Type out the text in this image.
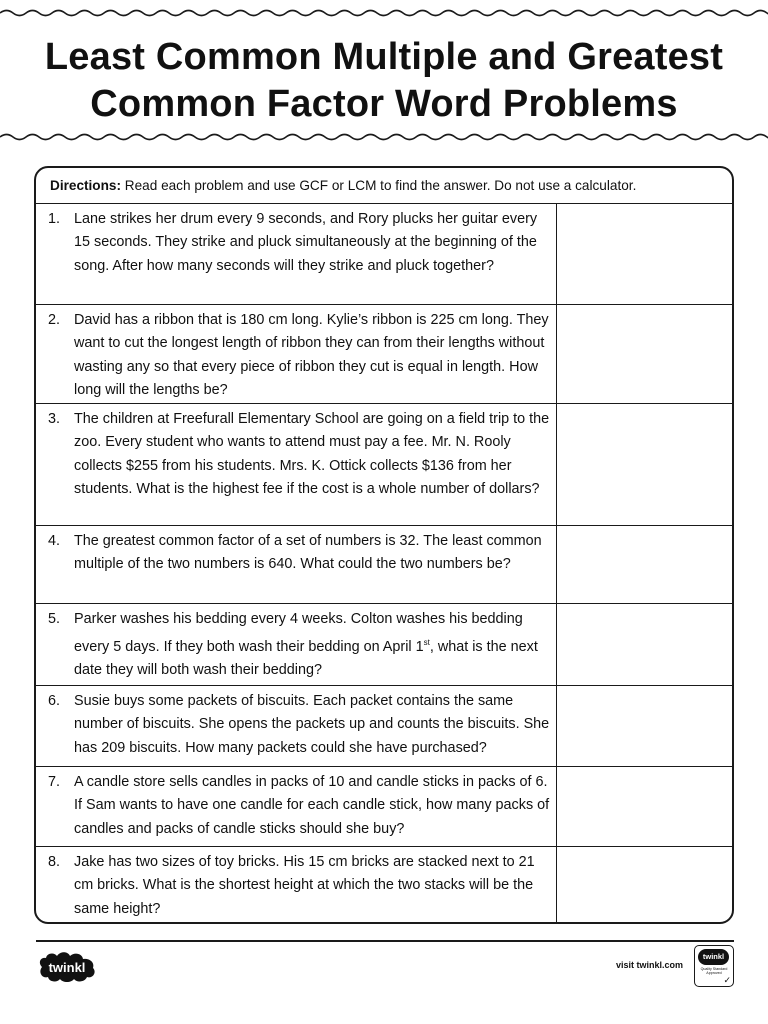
Least Common Multiple and Greatest
Common Factor Word Problems
Directions: Read each problem and use GCF or LCM to find the answer. Do not use a calculator.
1. Lane strikes her drum every 9 seconds, and Rory plucks her guitar every 15 seconds. They strike and pluck simultaneously at the beginning of the song. After how many seconds will they strike and pluck together?
2. David has a ribbon that is 180 cm long. Kylie’s ribbon is 225 cm long. They want to cut the longest length of ribbon they can from their lengths without wasting any so that every piece of ribbon they cut is equal in length. How long will the lengths be?
3. The children at Freefurall Elementary School are going on a field trip to the zoo. Every student who wants to attend must pay a fee. Mr. N. Rooly collects $255 from his students. Mrs. K. Ottick collects $136 from her students. What is the highest fee if the cost is a whole number of dollars?
4. The greatest common factor of a set of numbers is 32. The least common multiple of the two numbers is 640. What could the two numbers be?
5. Parker washes his bedding every 4 weeks. Colton washes his bedding every 5 days. If they both wash their bedding on April 1st, what is the next date they will both wash their bedding?
6. Susie buys some packets of biscuits. Each packet contains the same number of biscuits. She opens the packets up and counts the biscuits. She has 209 biscuits. How many packets could she have purchased?
7. A candle store sells candles in packs of 10 and candle sticks in packs of 6. If Sam wants to have one candle for each candle stick, how many packs of candles and packs of candle sticks should she buy?
8. Jake has two sizes of toy bricks. His 15 cm bricks are stacked next to 21 cm bricks. What is the shortest height at which the two stacks will be the same height?
twinkl	visit twinkl.com
twinkl
Quality Standard Approved
✓
